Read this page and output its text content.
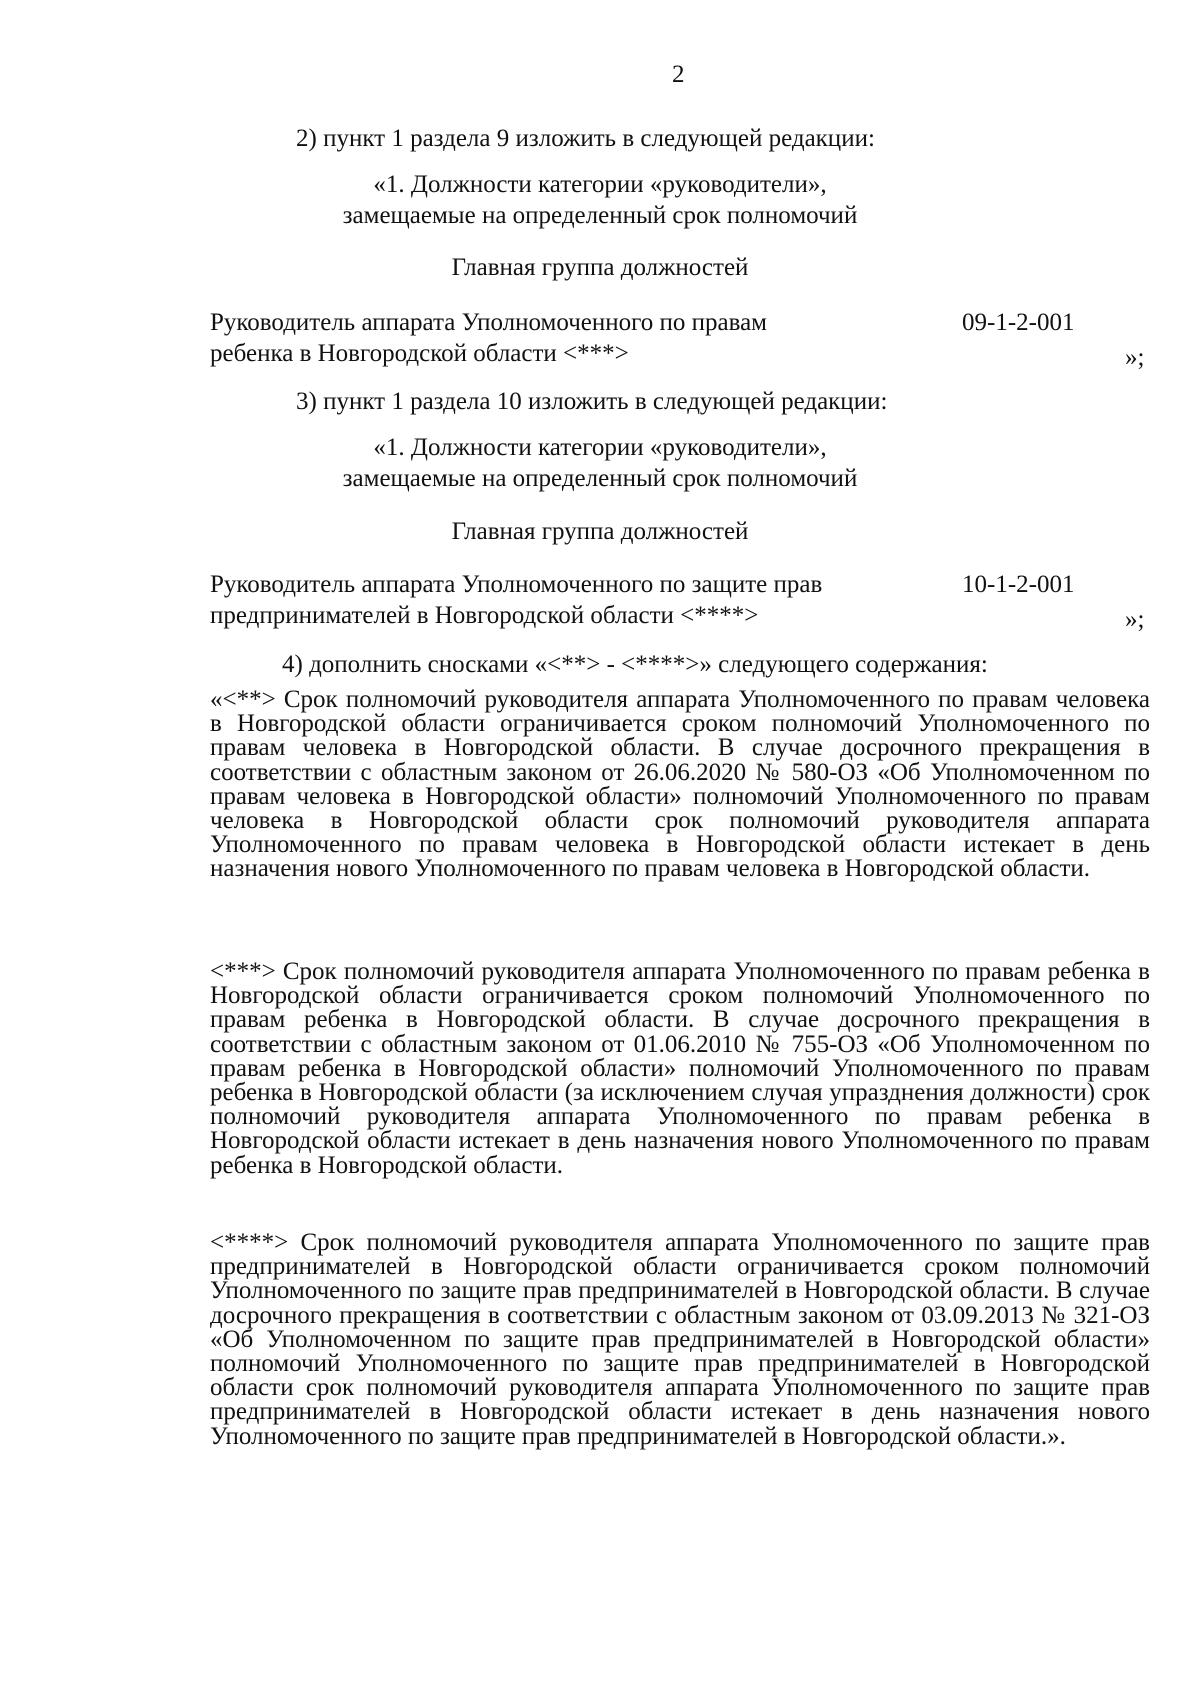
2
2) пункт 1 раздела 9 изложить в следующей редакции:
«1. Должности категории «руководители»,
замещаемые на определенный срок полномочий
Главная группа должностей
Руководитель аппарата Уполномоченного по правам
ребенка в Новгородской области <***>
09-1-2-001
»;
3) пункт 1 раздела 10 изложить в следующей редакции:
«1. Должности категории «руководители»,
замещаемые на определенный срок полномочий
Главная группа должностей
Руководитель аппарата Уполномоченного по защите прав
предпринимателей в Новгородской области <****>
10-1-2-001
»;
4) дополнить сносками «<**> - <****>» следующего содержания:
«<**> Срок полномочий руководителя аппарата Уполномоченного по правам человека в Новгородской области ограничивается сроком полномочий Уполномоченного по правам человека в Новгородской области. В случае досрочного прекращения в соответствии с областным законом от 26.06.2020 № 580-ОЗ «Об Уполномоченном по правам человека в Новгородской области» полномочий Уполномоченного по правам человека в Новгородской области срок полномочий руководителя аппарата Уполномоченного по правам человека в Новгородской области истекает в день назначения нового Уполномоченного по правам человека в Новгородской области.
<***> Срок полномочий руководителя аппарата Уполномоченного по правам ребенка в Новгородской области ограничивается сроком полномочий Уполномоченного по правам ребенка в Новгородской области. В случае досрочного прекращения в соответствии с областным законом от 01.06.2010 № 755-ОЗ «Об Уполномоченном по правам ребенка в Новгородской области» полномочий Уполномоченного по правам ребенка в Новгородской области (за исключением случая упразднения должности) срок полномочий руководителя аппарата Уполномоченного по правам ребенка в Новгородской области истекает в день назначения нового Уполномоченного по правам ребенка в Новгородской области.
<****> Срок полномочий руководителя аппарата Уполномоченного по защите прав предпринимателей в Новгородской области ограничивается сроком полномочий Уполномоченного по защите прав предпринимателей в Новгородской области. В случае досрочного прекращения в соответствии с областным законом от 03.09.2013 № 321-ОЗ «Об Уполномоченном по защите прав предпринимателей в Новгородской области» полномочий Уполномоченного по защите прав предпринимателей в Новгородской области срок полномочий руководителя аппарата Уполномоченного по защите прав предпринимателей в Новгородской области истекает в день назначения нового Уполномоченного по защите прав предпринимателей в Новгородской области.».
